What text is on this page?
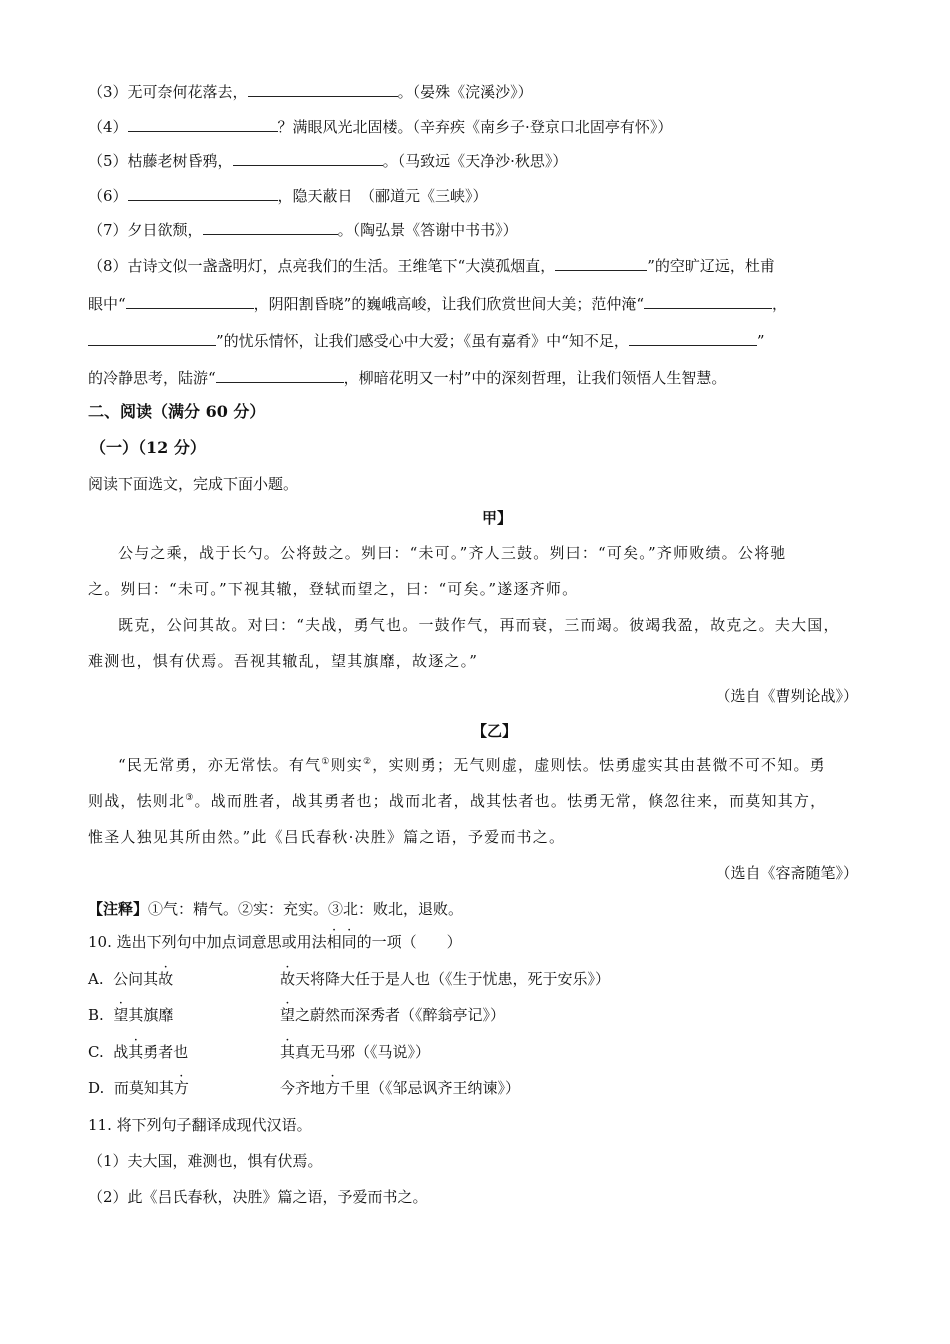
（3）无可奈何花落去，	。（晏殊《浣溪沙》）
（4）	？满眼风光北固楼。（辛弃疾《南乡子·登京口北固亭有怀》）
（5）枯藤老树昏鸦，	。（马致远《天净沙·秋思》）
（6）	，隐天蔽日　（郦道元《三峡》）
（7）夕日欲颓，	。（陶弘景《答谢中书书》）
（8）古诗文似一盏盏明灯，点亮我们的生活。王维笔下“大漠孤烟直，	”的空旷辽远，杜甫
眼中“	，阴阳割昏晓”的巍峨高峻，让我们欣赏世间大美；范仲淹“	，
”的忧乐情怀，让我们感受心中大爱；《虽有嘉肴》中“知不足，	”
的冷静思考，陆游“	，柳暗花明又一村”中的深刻哲理，让我们领悟人生智慧。
二、阅读（满分 60 分）
（一）（12 分）
阅读下面选文，完成下面小题。
甲】
公与之乘，战于长勺。公将鼓之。刿曰：“未可。”齐人三鼓。刿曰：“可矣。”齐师败绩。公将驰
之。刿曰：“未可。”下视其辙，登轼而望之，曰：“可矣。”遂逐齐师。
既克，公问其故。对曰：“夫战，勇气也。一鼓作气，再而衰，三而竭。彼竭我盈，故克之。夫大国，
难测也，惧有伏焉。吾视其辙乱，望其旗靡，故逐之。”
（选自《曹刿论战》）
【乙】
“民无常勇，亦无常怯。有气①则实②，实则勇；无气则虚，虚则怯。怯勇虚实其由甚微不可不知。勇
则战，怯则北③。战而胜者，战其勇者也；战而北者，战其怯者也。怯勇无常，倏忽往来，而莫知其方，
惟圣人独见其所由然。”此《吕氏春秋·决胜》篇之语，予爱而书之。
（选自《容斋随笔》）
【注释】①气：精气。②实：充实。③北：败北，退败。
10. 选出下列句中加点词意思或用法相同的一项（　　）
A. 公问其故	故天将降大任于是人也（《生于忧患，死于安乐》）
B. 望其旗靡	望之蔚然而深秀者（《醉翁亭记》）
C. 战其勇者也	其真无马邪（《马说》）
D. 而莫知其方	今齐地方千里（《邹忌讽齐王纳谏》）
11. 将下列句子翻译成现代汉语。
（1）夫大国，难测也，惧有伏焉。
（2）此《吕氏春秋，决胜》篇之语，予爱而书之。
